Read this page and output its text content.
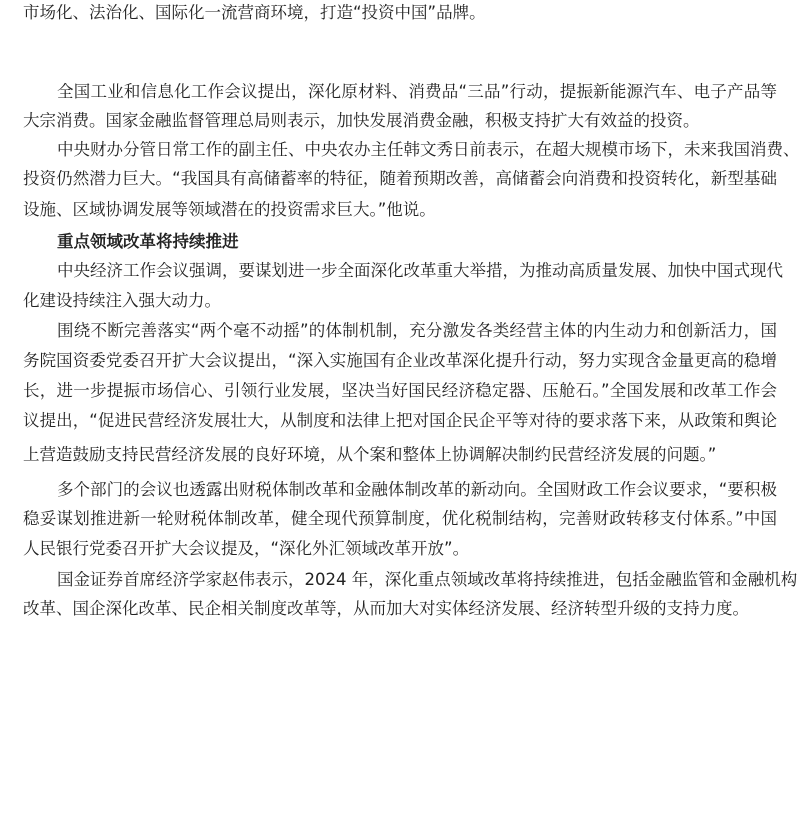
市场化、法治化、国际化一流营商环境，打造“投资中国”品牌。
全国工业和信息化工作会议提出，深化原材料、消费品“三品”行动，提振新能源汽车、电子产品等
大宗消费。国家金融监督管理总局则表示，加快发展消费金融，积极支持扩大有效益的投资。
中央财办分管日常工作的副主任、中央农办主任韩文秀日前表示，在超大规模市场下，未来我国消费、
投资仍然潜力巨大。“我国具有高储蓄率的特征，随着预期改善，高储蓄会向消费和投资转化，新型基础
设施、区域协调发展等领域潜在的投资需求巨大。”他说。
重点领域改革将持续推进
中央经济工作会议强调，要谋划进一步全面深化改革重大举措，为推动高质量发展、加快中国式现代
化建设持续注入强大动力。
围绕不断完善落实“两个毫不动摇”的体制机制，充分激发各类经营主体的内生动力和创新活力，国
务院国资委党委召开扩大会议提出，“深入实施国有企业改革深化提升行动，努力实现含金量更高的稳增
长，进一步提振市场信心、引领行业发展，坚决当好国民经济稳定器、压舱石。”全国发展和改革工作会
议提出，“促进民营经济发展壮大，从制度和法律上把对国企民企平等对待的要求落下来，从政策和舆论
上营造鼓励支持民营经济发展的良好环境，从个案和整体上协调解决制约民营经济发展的问题。”
多个部门的会议也透露出财税体制改革和金融体制改革的新动向。全国财政工作会议要求，“要积极
稳妥谋划推进新一轮财税体制改革，健全现代预算制度，优化税制结构，完善财政转移支付体系。”中国
人民银行党委召开扩大会议提及，“深化外汇领域改革开放”。
国金证券首席经济学家赵伟表示，2024 年，深化重点领域改革将持续推进，包括金融监管和金融机构
改革、国企深化改革、民企相关制度改革等，从而加大对实体经济发展、经济转型升级的支持力度。
